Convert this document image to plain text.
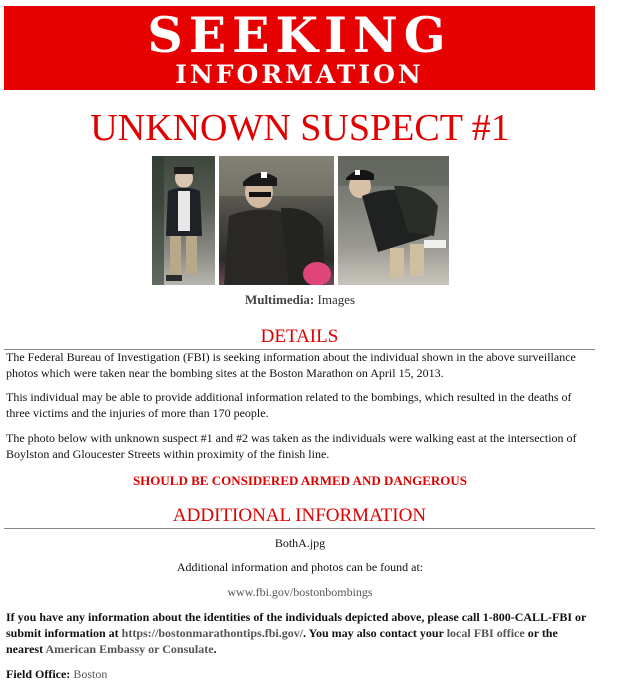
SEEKING
INFORMATION
UNKNOWN SUSPECT #1
Multimedia: Images
DETAILS

The Federal Bureau of Investigation (FBI) is seeking information about the individual shown in the above surveillance photos which were taken near the bombing sites at the Boston Marathon on April 15, 2013.

This individual may be able to provide additional information related to the bombings, which resulted in the deaths of three victims and the injuries of more than 170 people.

The photo below with unknown suspect #1 and #2 was taken as the individuals were walking east at the intersection of Boylston and Gloucester Streets within proximity of the finish line.

SHOULD BE CONSIDERED ARMED AND DANGEROUS
ADDITIONAL INFORMATION
BothA.jpg
Additional information and photos can be found at:
www.fbi.gov/bostonbombings

If you have any information about the identities of the individuals depicted above, please call 1-800-CALL-FBI or submit information at https://bostonmarathontips.fbi.gov/. You may also contact your local FBI office or the nearest American Embassy or Consulate.

Field Office: Boston
